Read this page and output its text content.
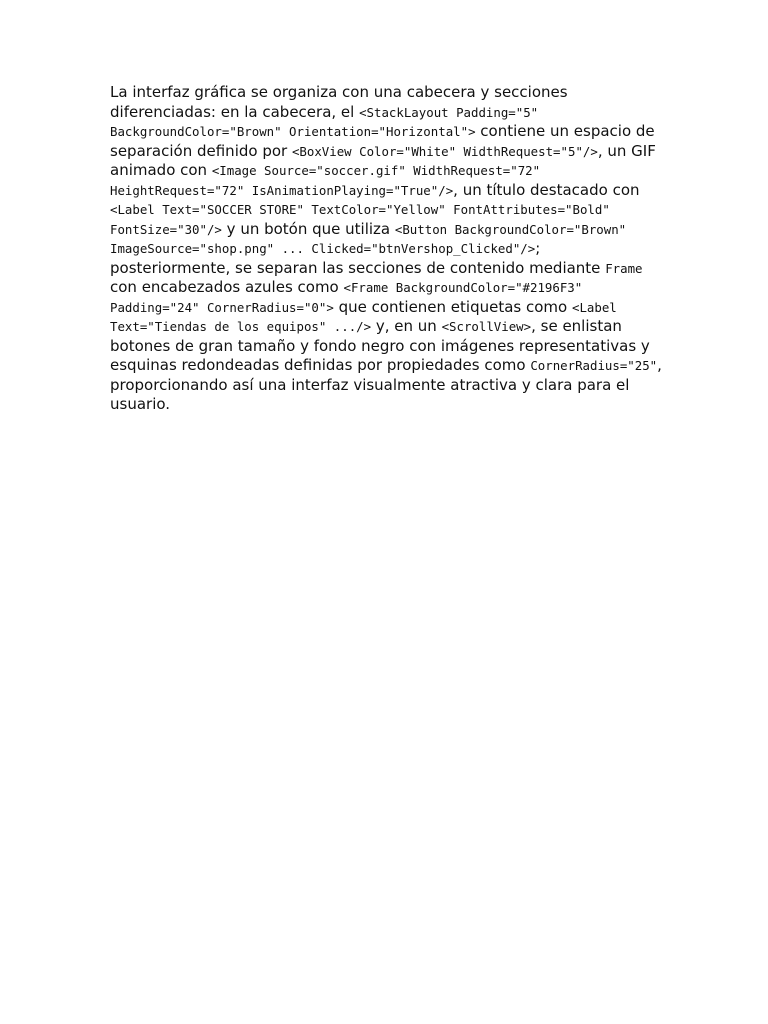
La interfaz gráfica se organiza con una cabecera y secciones diferenciadas: en la cabecera, el <StackLayout Padding="5" BackgroundColor="Brown" Orientation="Horizontal"> contiene un espacio de separación definido por <BoxView Color="White" WidthRequest="5"/>, un GIF animado con <Image Source="soccer.gif" WidthRequest="72" HeightRequest="72" IsAnimationPlaying="True"/>, un título destacado con <Label Text="SOCCER STORE" TextColor="Yellow" FontAttributes="Bold" FontSize="30"/> y un botón que utiliza <Button BackgroundColor="Brown" ImageSource="shop.png" ... Clicked="btnVershop_Clicked"/>; posteriormente, se separan las secciones de contenido mediante Frame con encabezados azules como <Frame BackgroundColor="#2196F3" Padding="24" CornerRadius="0"> que contienen etiquetas como <Label Text="Tiendas de los equipos" .../> y, en un <ScrollView>, se enlistan botones de gran tamaño y fondo negro con imágenes representativas y esquinas redondeadas definidas por propiedades como CornerRadius="25", proporcionando así una interfaz visualmente atractiva y clara para el usuario.
